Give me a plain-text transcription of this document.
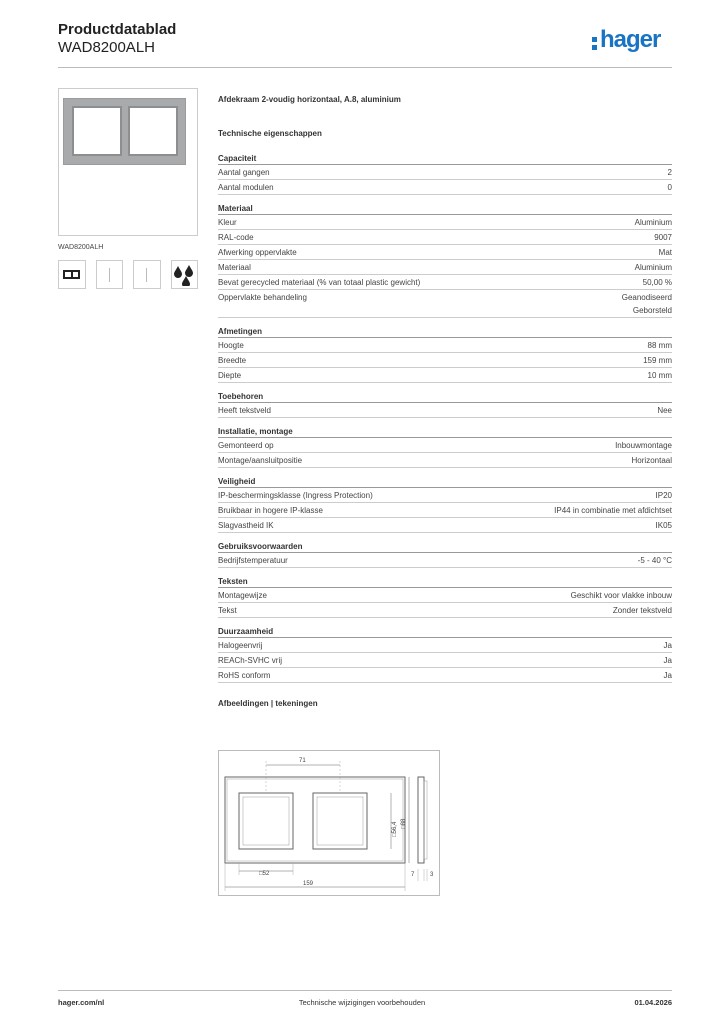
Productdatablad
WAD8200ALH	hager
WAD8200ALH
Afdekraam 2-voudig horizontaal, A.8, aluminium
Technische eigenschappen
Capaciteit
Aantal gangen	2
Aantal modulen	0
Materiaal
Kleur	Aluminium
RAL-code	9007
Afwerking oppervlakte	Mat
Materiaal	Aluminium
Bevat gerecycled materiaal (% van totaal plastic gewicht)	50,00 %
Oppervlakte behandeling	Geanodiseerd
Geborsteld
Afmetingen
Hoogte	88 mm
Breedte	159 mm
Diepte	10 mm
Toebehoren
Heeft tekstveld	Nee
Installatie, montage
Gemonteerd op	Inbouwmontage
Montage/aansluitpositie	Horizontaal
Veiligheid
IP-beschermingsklasse (Ingress Protection)	IP20
Bruikbaar in hogere IP-klasse	IP44 in combinatie met afdichtset
Slagvastheid IK	IK05
Gebruiksvoorwaarden
Bedrijfstemperatuur	-5 - 40 °C
Teksten
Montagewijze	Geschikt voor vlakke inbouw
Tekst	Zonder tekstveld
Duurzaamheid
Halogeenvrij	Ja
REACh-SVHC vrij	Ja
RoHS conform	Ja
Afbeeldingen | tekeningen
71
□56,4 □88
7	3
□52
159
hager.com/nl	Technische wijzigingen voorbehouden	01.04.2026
